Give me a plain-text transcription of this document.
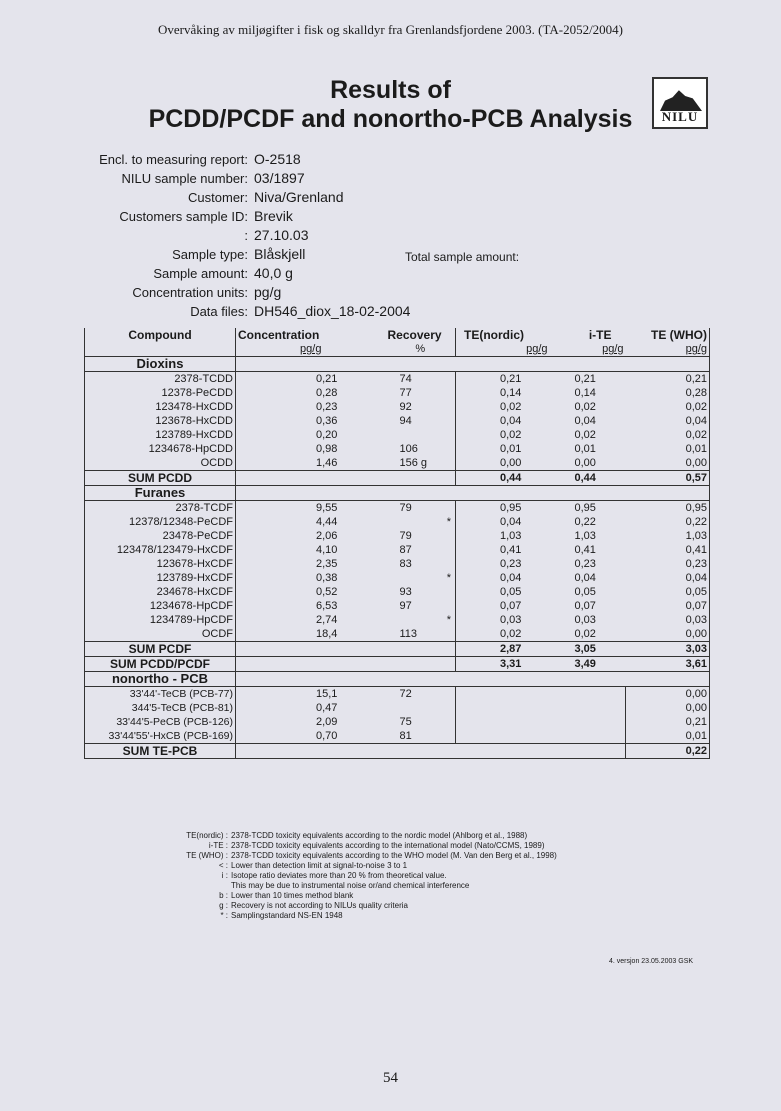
Overvåking av miljøgifter i fisk og skalldyr fra Grenlandsfjordene 2003. (TA-2052/2004)
Results of
PCDD/PCDF and nonortho-PCB Analysis	NILU
Encl. to measuring report: O-2518
NILU sample number: 03/1897
Customer: Niva/Grenland
Customers sample ID: Brevik
: 27.10.03
Sample type: Blåskjell
Sample amount: 40,0 g
Concentration units: pg/g
Data files: DH546_diox_18-02-2004
Total sample amount:
Compound	Concentration	Recovery	TE(nordic)	i-TE	TE (WHO)
	pg/g	%	pg/g	pg/g	pg/g
Dioxins					
2378-TCDD	0,21	74	0,21	0,21	0,21
12378-PeCDD	0,28	77	0,14	0,14	0,28
123478-HxCDD	0,23	92	0,02	0,02	0,02
123678-HxCDD	0,36	94	0,04	0,04	0,04
123789-HxCDD	0,20		0,02	0,02	0,02
1234678-HpCDD	0,98	106	0,01	0,01	0,01
OCDD	1,46	156 g	0,00	0,00	0,00
SUM PCDD			0,44	0,44	0,57
Furanes					
2378-TCDF	9,55	79	0,95	0,95	0,95
12378/12348-PeCDF	4,44	*	0,04	0,22	0,22
23478-PeCDF	2,06	79	1,03	1,03	1,03
123478/123479-HxCDF	4,10	87	0,41	0,41	0,41
123678-HxCDF	2,35	83	0,23	0,23	0,23
123789-HxCDF	0,38	*	0,04	0,04	0,04
234678-HxCDF	0,52	93	0,05	0,05	0,05
1234678-HpCDF	6,53	97	0,07	0,07	0,07
1234789-HpCDF	2,74	*	0,03	0,03	0,03
OCDF	18,4	113	0,02	0,02	0,00
SUM PCDF			2,87	3,05	3,03
SUM PCDD/PCDF			3,31	3,49	3,61
nonortho - PCB					
33'44'-TeCB (PCB-77)	15,1	72			0,00
344'5-TeCB (PCB-81)	0,47				0,00
33'44'5-PeCB (PCB-126)	2,09	75			0,21
33'44'55'-HxCB (PCB-169)	0,70	81			0,01
SUM TE-PCB					0,22
TE(nordic) : 2378-TCDD toxicity equivalents according to the nordic model (Ahlborg et al., 1988)
i-TE : 2378-TCDD toxicity equivalents according to the international model (Nato/CCMS, 1989)
TE (WHO) : 2378-TCDD toxicity equivalents according to the WHO model (M. Van den Berg et al., 1998)
< : Lower than detection limit at signal-to-noise 3 to 1
i : Isotope ratio deviates more than 20 % from theoretical value.
This may be due to instrumental noise or/and chemical interference
b : Lower than 10 times method blank
g : Recovery is not according to NILUs quality criteria
* : Samplingstandard NS-EN 1948
4. versjon 23.05.2003 GSK
54
